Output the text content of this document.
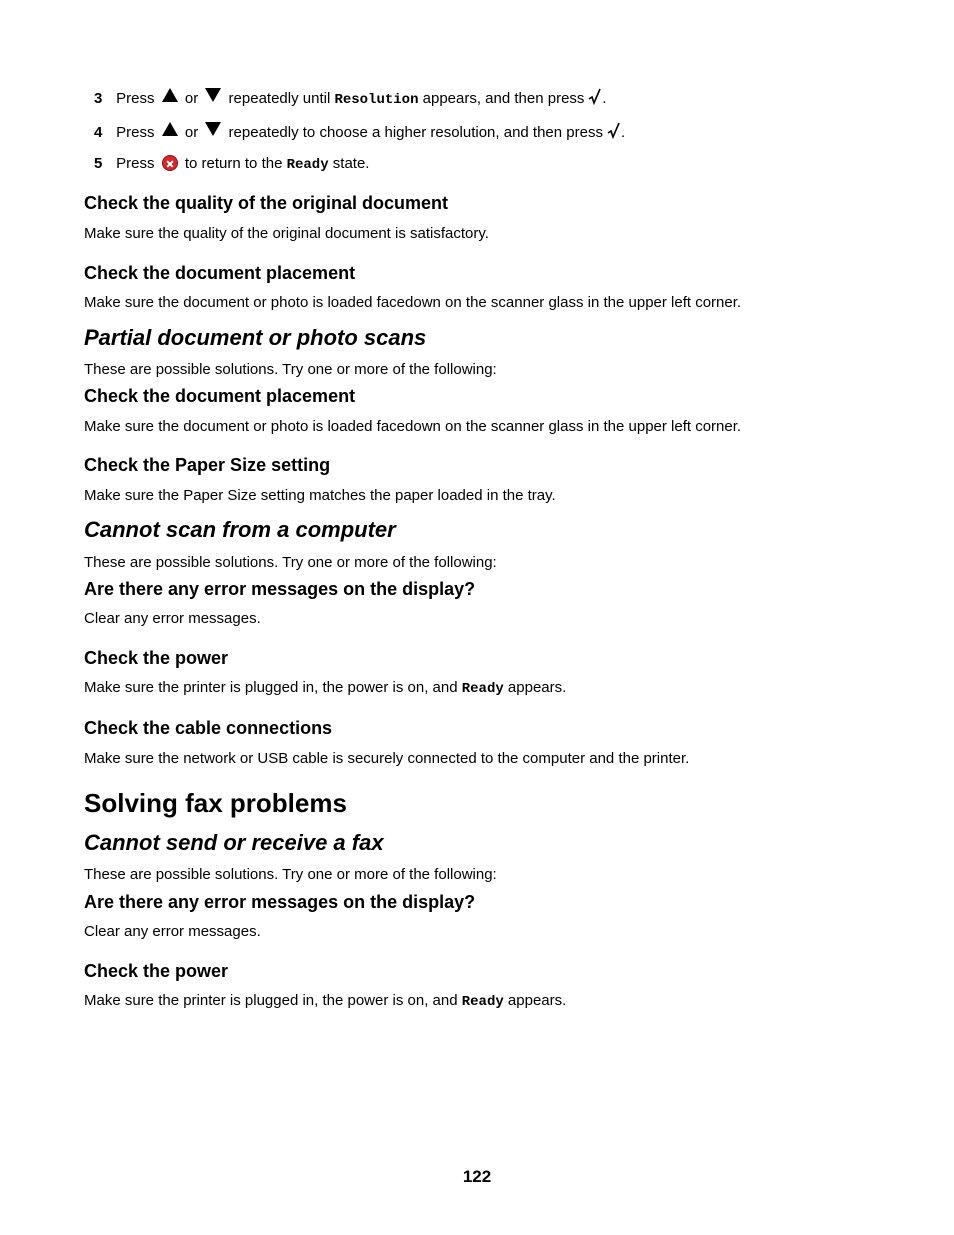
3 Press or repeatedly until Resolution appears, and then press .
4 Press or repeatedly to choose a higher resolution, and then press .
5 Press to return to the Ready state.
Check the quality of the original document
Make sure the quality of the original document is satisfactory.
Check the document placement
Make sure the document or photo is loaded facedown on the scanner glass in the upper left corner.
Partial document or photo scans
These are possible solutions. Try one or more of the following:
Check the document placement
Make sure the document or photo is loaded facedown on the scanner glass in the upper left corner.
Check the Paper Size setting
Make sure the Paper Size setting matches the paper loaded in the tray.
Cannot scan from a computer
These are possible solutions. Try one or more of the following:
Are there any error messages on the display?
Clear any error messages.
Check the power
Make sure the printer is plugged in, the power is on, and Ready appears.
Check the cable connections
Make sure the network or USB cable is securely connected to the computer and the printer.
Solving fax problems
Cannot send or receive a fax
These are possible solutions. Try one or more of the following:
Are there any error messages on the display?
Clear any error messages.
Check the power
Make sure the printer is plugged in, the power is on, and Ready appears.
122
